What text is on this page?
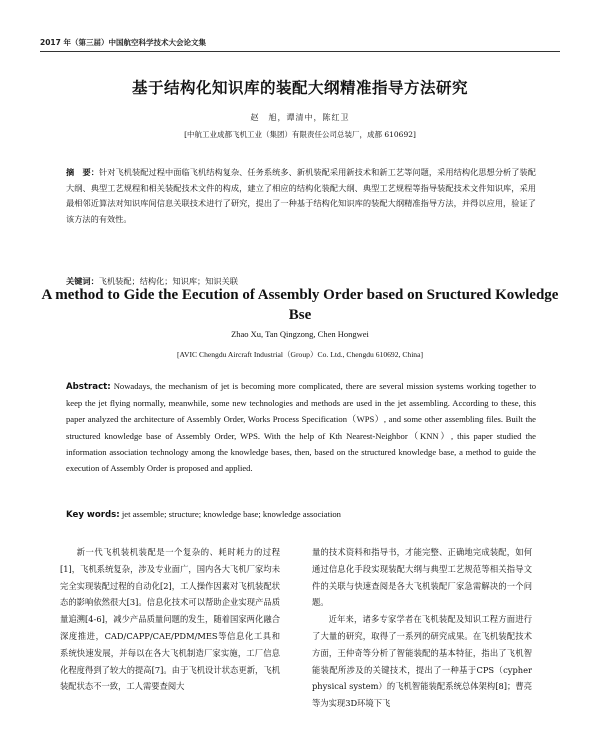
2017 年（第三届）中国航空科学技术大会论文集
基于结构化知识库的装配大纲精准指导方法研究
赵　旭，谭清中，陈红卫
[中航工业成都飞机工业（集团）有限责任公司总装厂，成都 610692]
摘　要：针对飞机装配过程中面临飞机结构复杂、任务系统多、新机装配采用新技术和新工艺等问题，采用结构化思想分析了装配大纲、典型工艺规程和相关装配技术文件的构成，建立了相应的结构化装配大纲、典型工艺规程等指导装配技术文件知识库，采用最相邻近算法对知识库间信息关联技术进行了研究，提出了一种基于结构化知识库的装配大纲精准指导方法，并得以应用，验证了该方法的有效性。
关键词：飞机装配；结构化；知识库；知识关联
A method to Gide the Eecution of Assembly Order based on Sructured Kowledge Bse
Zhao Xu, Tan Qingzong, Chen Hongwei
[AVIC Chengdu Aircraft Industrial（Group）Co. Ltd., Chengdu 610692, China]
Abstract: Nowadays, the mechanism of jet is becoming more complicated, there are several mission systems working together to keep the jet flying normally, meanwhile, some new technologies and methods are used in the jet assembling. According to these, this paper analyzed the architecture of Assembly Order, Works Process Specification（WPS）, and some other assembling files. Built the structured knowledge base of Assembly Order, WPS. With the help of Kth Nearest-Neighbor（KNN）, this paper studied the information association technology among the knowledge bases, then, based on the structured knowledge base, a method to guide the execution of Assembly Order is proposed and applied.
Key words: jet assemble; structure; knowledge base; knowledge association

新一代飞机装机装配是一个复杂的、耗时耗力的过程[1]，飞机系统复杂，涉及专业面广，国内各大飞机厂家均未完全实现装配过程的自动化[2]，工人操作因素对飞机装配状态的影响依然很大[3]。信息化技术可以帮助企业实现产品质量追溯[4-6]，减少产品质量问题的发生，随着国家两化融合深度推进，CAD/CAPP/CAE/PDM/MES等信息化工具和系统快速发展，并每以在各大飞机制造厂家实施，工厂信息化程度得到了较大的提高[7]。由于飞机设计状态更新，飞机装配状态不一致，工人需要查阅大

量的技术资料和指导书，才能完整、正确地完成装配，如何通过信息化手段实现装配大纲与典型工艺规范等相关指导文件的关联与快速查阅是各大飞机装配厂家急需解决的一个问题。

近年来，诸多专家学者在飞机装配及知识工程方面进行了大量的研究，取得了一系列的研究成果。在飞机装配技术方面，王仲奇等分析了智能装配的基本特征，指出了飞机智能装配所涉及的关键技术，提出了一种基于CPS（cypher physical system）的飞机智能装配系统总体架构[8]；曹亮等为实现3D环境下飞
